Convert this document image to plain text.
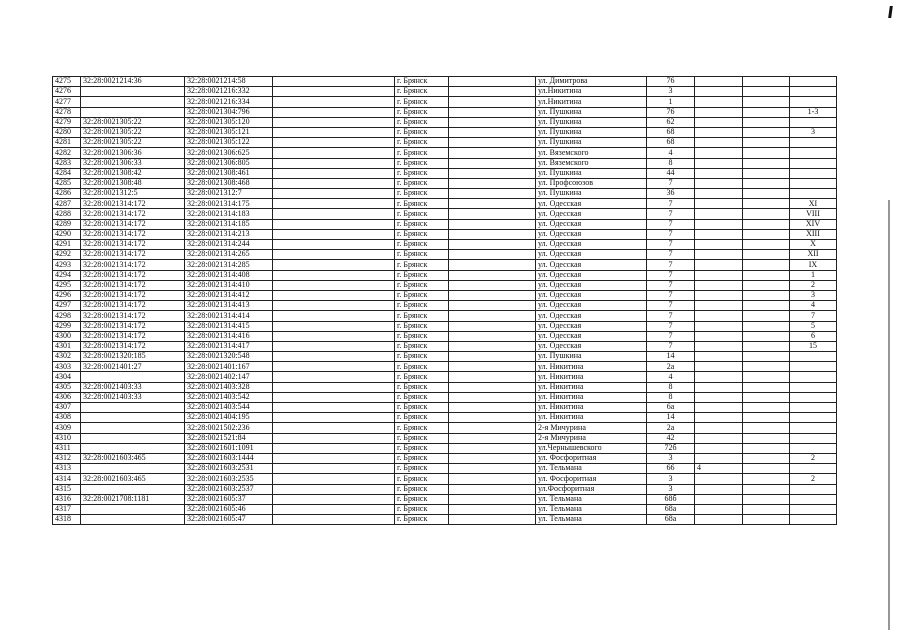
4275	32:28:0021214:36	32:28:0021214:58		г. Брянск		ул. Димитрова	76			
4276		32:28:0021216:332		г. Брянск		ул.Никитина	3			
4277		32:28:0021216:334		г. Брянск		ул.Никитина	1			
4278		32:28:0021304:796		г. Брянск		ул. Пушкина	76			1-3
4279	32:28:0021305:22	32:28:0021305:120		г. Брянск		ул. Пушкина	62			
4280	32:28:0021305:22	32:28:0021305:121		г. Брянск		ул. Пушкина	68			3
4281	32:28:0021305:22	32:28:0021305:122		г. Брянск		ул. Пушкина	68			
4282	32:28:0021306:36	32:28:0021306:625		г. Брянск		ул. Вяземского	4			
4283	32:28:0021306:33	32:28:0021306:805		г. Брянск		ул. Вяземского	8			
4284	32:28:0021308:42	32:28:0021308:461		г. Брянск		ул. Пушкина	44			
4285	32:28:0021308:48	32:28:0021308:468		г. Брянск		ул. Профсоюзов	7			
4286	32:28:0021312:5	32:28:0021312:7		г. Брянск		ул. Пушкина	36			
4287	32:28:0021314:172	32:28:0021314:175		г. Брянск		ул. Одесская	7			XI
4288	32:28:0021314:172	32:28:0021314:183		г. Брянск		ул. Одесская	7			VIII
4289	32:28:0021314:172	32:28:0021314:185		г. Брянск		ул. Одесская	7			XIV
4290	32:28:0021314:172	32:28:0021314:213		г. Брянск		ул. Одесская	7			XIII
4291	32:28:0021314:172	32:28:0021314:244		г. Брянск		ул. Одесская	7			X
4292	32:28:0021314:172	32:28:0021314:265		г. Брянск		ул. Одесская	7			XII
4293	32:28:0021314:172	32:28:0021314:285		г. Брянск		ул. Одесская	7			IX
4294	32:28:0021314:172	32:28:0021314:408		г. Брянск		ул. Одесская	7			1
4295	32:28:0021314:172	32:28:0021314:410		г. Брянск		ул. Одесская	7			2
4296	32:28:0021314:172	32:28:0021314:412		г. Брянск		ул. Одесская	7			3
4297	32:28:0021314:172	32:28:0021314:413		г. Брянск		ул. Одесская	7			4
4298	32:28:0021314:172	32:28:0021314:414		г. Брянск		ул. Одесская	7			7
4299	32:28:0021314:172	32:28:0021314:415		г. Брянск		ул. Одесская	7			5
4300	32:28:0021314:172	32:28:0021314:416		г. Брянск		ул. Одесская	7			6
4301	32:28:0021314:172	32:28:0021314:417		г. Брянск		ул. Одесская	7			15
4302	32:28:0021320:185	32:28:0021320:548		г. Брянск		ул. Пушкина	14			
4303	32:28:0021401:27	32:28:0021401:167		г. Брянск		ул. Никитина	2а			
4304		32:28:0021402:147		г. Брянск		ул. Никитина	4			
4305	32:28:0021403:33	32:28:0021403:328		г. Брянск		ул. Никитина	8			
4306	32:28:0021403:33	32:28:0021403:542		г. Брянск		ул. Никитина	8			
4307		32:28:0021403:544		г. Брянск		ул. Никитина	6а			
4308		32:28:0021404:195		г. Брянск		ул. Никитина	14			
4309		32:28:0021502:236		г. Брянск		2-я Мичурина	2а			
4310		32:28:0021521:84		г. Брянск		2-я Мичурина	42			
4311		32:28:0021601:1091		г. Брянск		ул.Чернышевского	72б			
4312	32:28:0021603:465	32:28:0021603:1444		г. Брянск		ул. Фосфоритная	3			2
4313		32:28:0021603:2531		г. Брянск		ул. Тельмана	66	4		
4314	32:28:0021603:465	32:28:0021603:2535		г. Брянск		ул. Фосфоритная	3			2
4315		32:28:0021603:2537		г. Брянск		ул.Фосфоритная	3			
4316	32:28:0021708:1181	32:28:0021605:37		г. Брянск		ул. Тельмана	68б			
4317		32:28:0021605:46		г. Брянск		ул. Тельмана	68а			
4318		32:28:0021605:47		г. Брянск		ул. Тельмана	68а			
